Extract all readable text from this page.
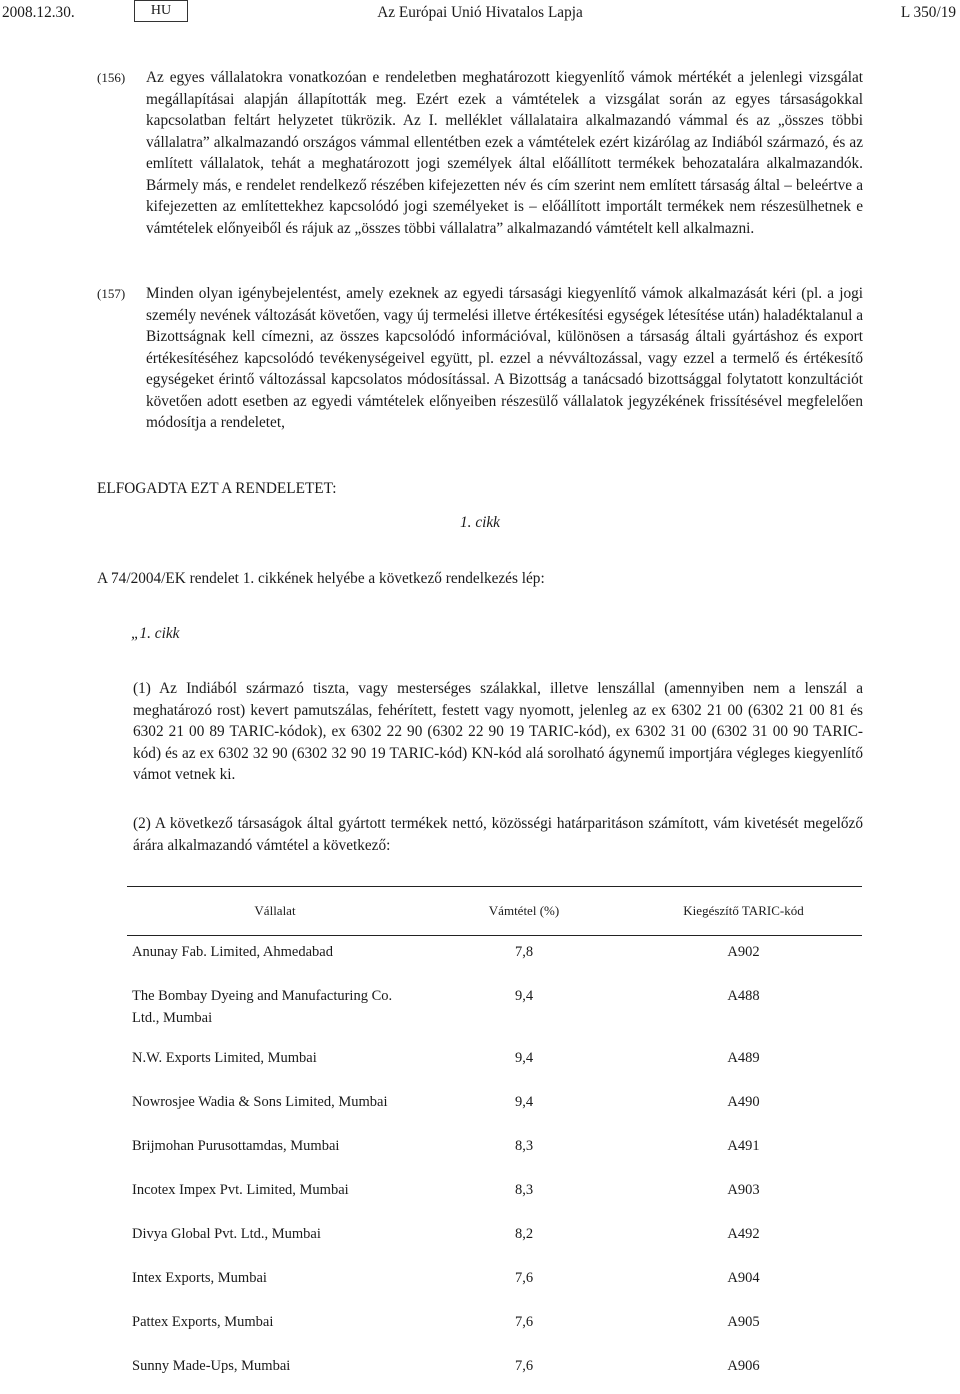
2008.12.30.	HU	Az Európai Unió Hivatalos Lapja	L 350/19
(156) Az egyes vállalatokra vonatkozóan e rendeletben meghatározott kiegyenlítő vámok mértékét a jelenlegi vizsgálat megállapításai alapján állapították meg. Ezért ezek a vámtételek a vizsgálat során az egyes társaságokkal kapcsolatban feltárt helyzetet tükrözik. Az I. melléklet vállalataira alkalmazandó vámmal és az „összes többi vállalatra” alkalmazandó országos vámmal ellentétben ezek a vámtételek ezért kizárólag az Indiából származó, és az említett vállalatok, tehát a meghatározott jogi személyek által előállított termékek behozatalára alkalmazandók. Bármely más, e rendelet rendelkező részében kifejezetten név és cím szerint nem említett társaság által – beleértve a kifejezetten az említettekhez kapcsolódó jogi személyeket is – előállított importált termékek nem részesülhetnek e vámtételek előnyeiből és rájuk az „összes többi vállalatra” alkalmazandó vámtételt kell alkalmazni.
(157) Minden olyan igénybejelentést, amely ezeknek az egyedi társasági kiegyenlítő vámok alkalmazását kéri (pl. a jogi személy nevének változását követően, vagy új termelési illetve értékesítési egységek létesítése után) haladéktalanul a Bizottságnak kell címezni, az összes kapcsolódó információval, különösen a társaság általi gyártáshoz és export értékesítéséhez kapcsolódó tevékenységeivel együtt, pl. ezzel a névváltozással, vagy ezzel a termelő és értékesítő egységeket érintő változással kapcsolatos módosítással. A Bizottság a tanácsadó bizottsággal folytatott konzultációt követően adott esetben az egyedi vámtételek előnyeiben részesülő vállalatok jegyzékének frissítésével megfelelően módosítja a rendeletet,
ELFOGADTA EZT A RENDELETET:
1. cikk
A 74/2004/EK rendelet 1. cikkének helyébe a következő rendelkezés lép:
„1. cikk
(1) Az Indiából származó tiszta, vagy mesterséges szálakkal, illetve lenszállal (amennyiben nem a lenszál a meghatározó rost) kevert pamutszálas, fehérített, festett vagy nyomott, jelenleg az ex 6302 21 00 (6302 21 00 81 és 6302 21 00 89 TARIC-kódok), ex 6302 22 90 (6302 22 90 19 TARIC-kód), ex 6302 31 00 (6302 31 00 90 TARIC-kód) és az ex 6302 32 90 (6302 32 90 19 TARIC-kód) KN-kód alá sorolható ágynemű importjára végleges kiegyenlítő vámot vetnek ki.
(2) A következő társaságok által gyártott termékek nettó, közösségi határparitáson számított, vám kivetését megelőző árára alkalmazandó vámtétel a következő:
Vállalat	Vámtétel (%)	Kiegészítő TARIC-kód

Anunay Fab. Limited, Ahmedabad	7,8	A902

The Bombay Dyeing and Manufacturing Co. Ltd., Mumbai	9,4	A488

N.W. Exports Limited, Mumbai	9,4	A489

Nowrosjee Wadia & Sons Limited, Mumbai	9,4	A490

Brijmohan Purusottamdas, Mumbai	8,3	A491

Incotex Impex Pvt. Limited, Mumbai	8,3	A903

Divya Global Pvt. Ltd., Mumbai	8,2	A492

Intex Exports, Mumbai	7,6	A904

Pattex Exports, Mumbai	7,6	A905

Sunny Made-Ups, Mumbai	7,6	A906
